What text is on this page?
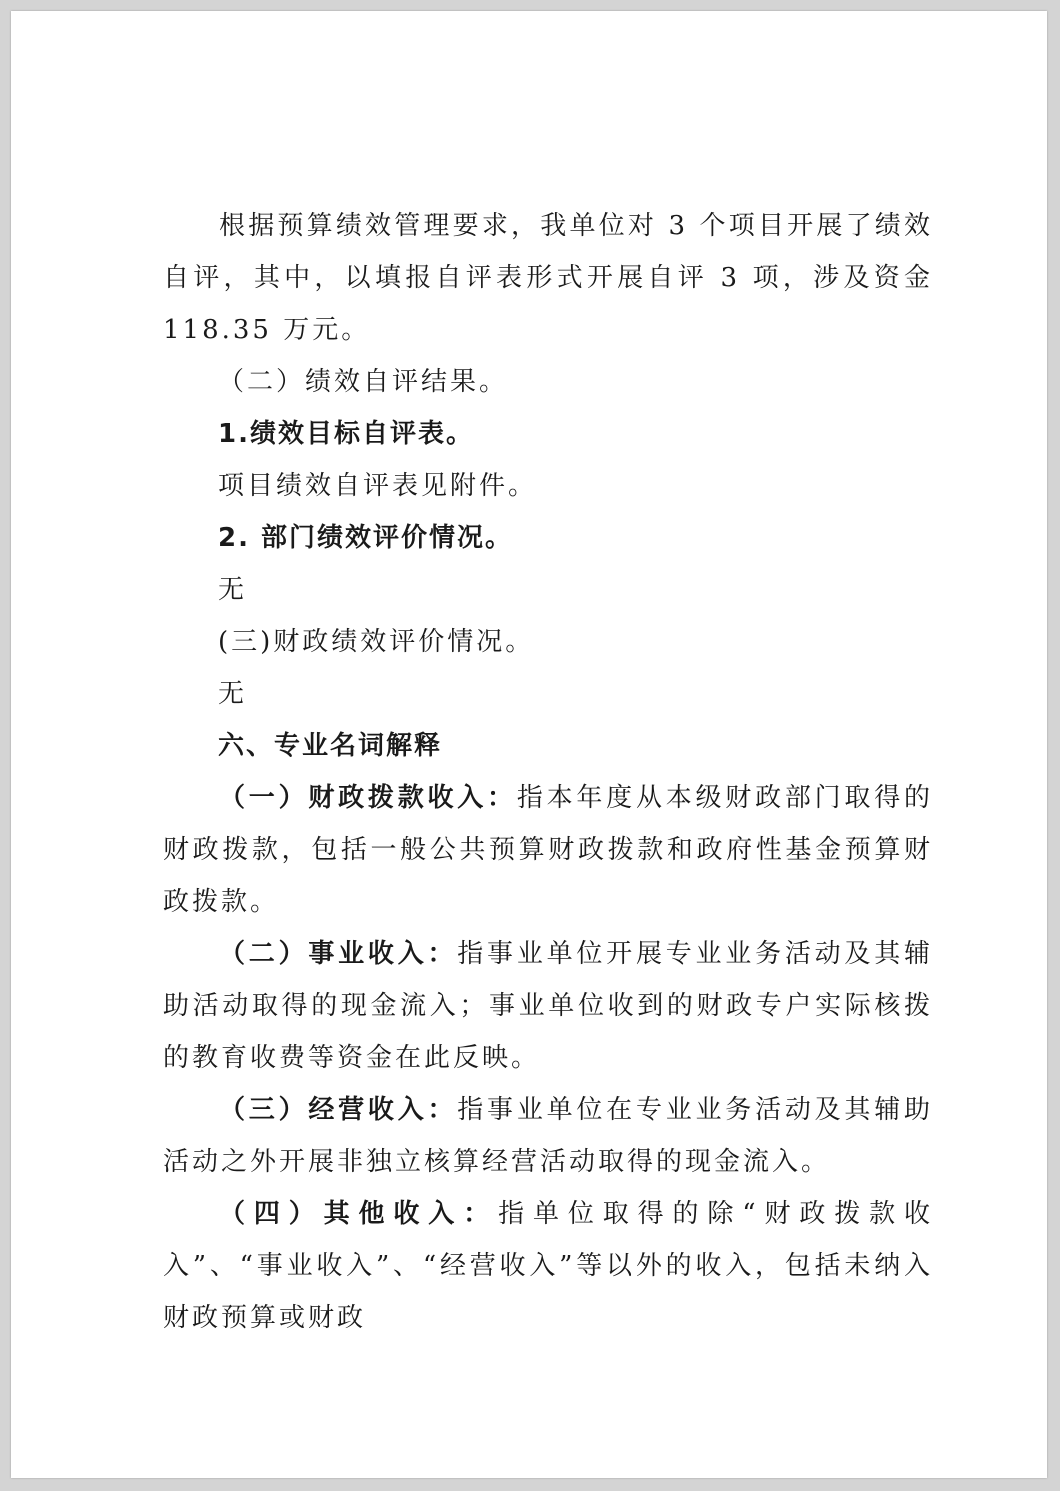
根据预算绩效管理要求，我单位对 3 个项目开展了绩效自评，其中，以填报自评表形式开展自评 3 项，涉及资金 118.35 万元。

（二）绩效自评结果。

1.绩效目标自评表。

项目绩效自评表见附件。

2. 部门绩效评价情况。

无

(三)财政绩效评价情况。

无

六、专业名词解释

（一）财政拨款收入：指本年度从本级财政部门取得的财政拨款，包括一般公共预算财政拨款和政府性基金预算财政拨款。

（二）事业收入：指事业单位开展专业业务活动及其辅助活动取得的现金流入；事业单位收到的财政专户实际核拨的教育收费等资金在此反映。

（三）经营收入：指事业单位在专业业务活动及其辅助活动之外开展非独立核算经营活动取得的现金流入。

（四）其他收入：指单位取得的除“财政拨款收入”、“事业收入”、“经营收入”等以外的收入，包括未纳入财政预算或财政
